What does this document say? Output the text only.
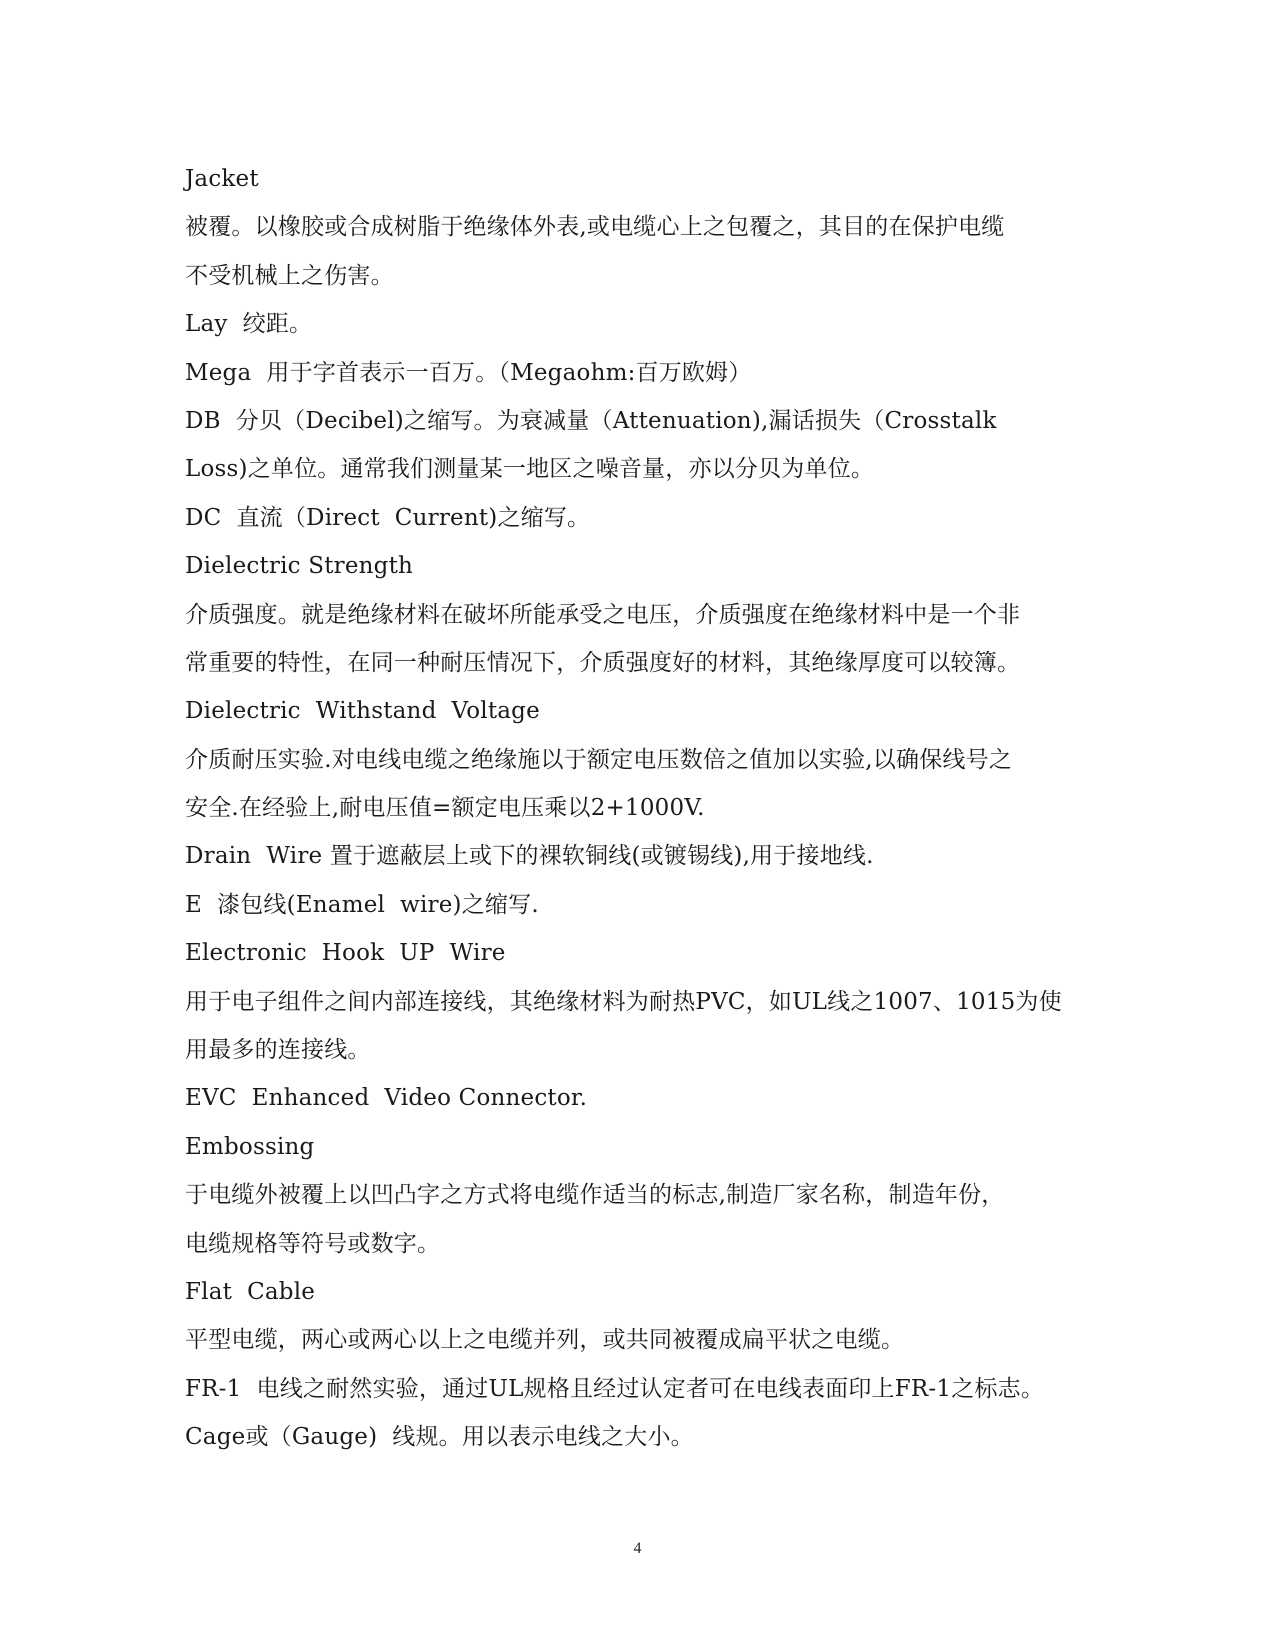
Jacket
被覆。以橡胶或合成树脂于绝缘体外表,或电缆心上之包覆之，其目的在保护电缆
不受机械上之伤害。
Lay  绞距。
Mega  用于字首表示一百万。（Megaohm:百万欧姆）
DB  分贝（Decibel)之缩写。为衰减量（Attenuation),漏话损失（Crosstalk
Loss)之单位。通常我们测量某一地区之噪音量，亦以分贝为单位。
DC  直流（Direct  Current)之缩写。
Dielectric Strength
介质强度。就是绝缘材料在破坏所能承受之电压，介质强度在绝缘材料中是一个非
常重要的特性，在同一种耐压情况下，介质强度好的材料，其绝缘厚度可以较簿。
Dielectric  Withstand  Voltage
介质耐压实验.对电线电缆之绝缘施以于额定电压数倍之值加以实验,以确保线号之
安全.在经验上,耐电压值=额定电压乘以2+1000V.
Drain  Wire 置于遮蔽层上或下的裸软铜线(或镀锡线),用于接地线.
E  漆包线(Enamel  wire)之缩写.
Electronic  Hook  UP  Wire
用于电子组件之间内部连接线，其绝缘材料为耐热PVC，如UL线之1007、1015为使
用最多的连接线。
EVC  Enhanced  Video Connector.
Embossing
于电缆外被覆上以凹凸字之方式将电缆作适当的标志,制造厂家名称，制造年份，
电缆规格等符号或数字。
Flat  Cable
平型电缆，两心或两心以上之电缆并列，或共同被覆成扁平状之电缆。
FR-1  电线之耐然实验，通过UL规格且经过认定者可在电线表面印上FR-1之标志。
Cage或（Gauge)  线规。用以表示电线之大小。
4
